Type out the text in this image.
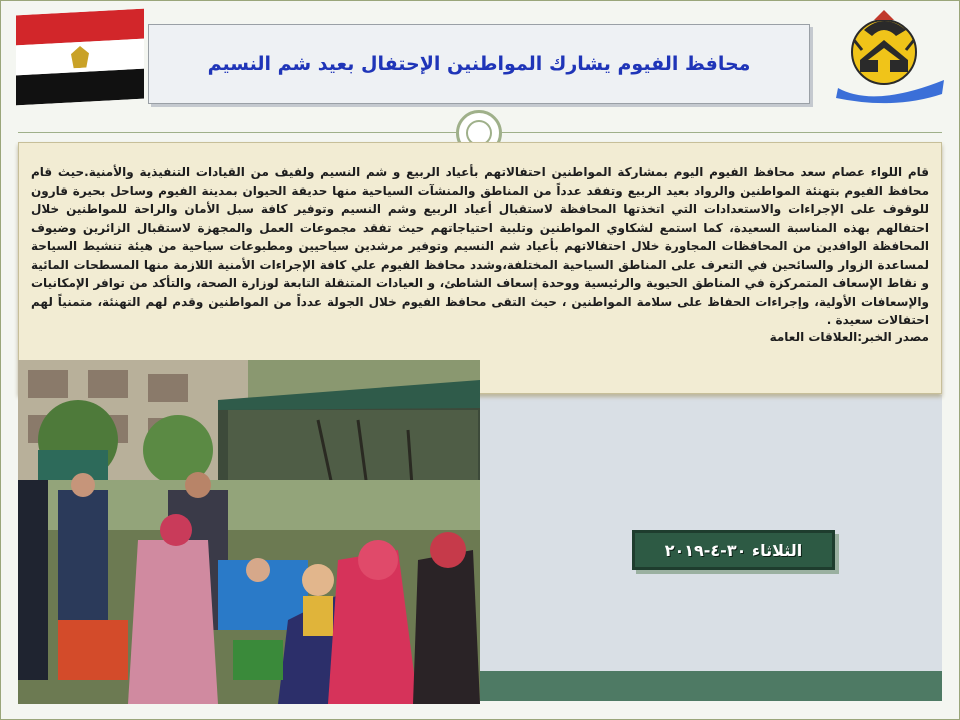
محافظ الفيوم يشارك المواطنين الإحتفال بعيد شم النسيم

قام اللواء عصام سعد محافظ الفيوم اليوم بمشاركة المواطنين احتفالاتهم بأعياد الربيع و شم النسيم ولفيف من القيادات التنفيذية والأمنية.حيث قام محافظ الفيوم بتهنئة المواطنين والرواد بعيد الربيع وتفقد عدداً من المناطق والمنشآت السياحية منها حديقة الحيوان بمدينة الفيوم وساحل بحيرة قارون للوقوف على الإجراءات والاستعدادات التي اتخذتها المحافظة لاستقبال أعياد الربيع وشم النسيم وتوفير كافة سبل الأمان والراحة للمواطنين خلال احتفالهم بهذه المناسبة السعيدة، كما استمع لشكاوي المواطنين وتلبية احتياجاتهم حيث تفقد مجموعات العمل والمجهزة لاستقبال الزائرين وضيوف المحافظة الوافدين من المحافظات المجاورة خلال احتفالاتهم بأعياد شم النسيم وتوفير مرشدين سياحيين ومطبوعات سياحية من هيئة تنشيط السياحة لمساعدة الزوار والسائحين في التعرف على المناطق السياحية المختلفة،وشدد محافظ الفيوم علي كافة الإجراءات الأمنية اللازمة منها المسطحات المائية و نقاط الإسعاف المتمركزة في المناطق الحيوية والرئيسية ووحدة إسعاف الشاطئ، و العيادات المتنقلة التابعة لوزارة الصحة، والتأكد من توافر الإمكانيات والإسعافات الأولية، وإجراءات الحفاظ على سلامة المواطنين ، حيث التقى محافظ الفيوم خلال الجولة عدداً من المواطنين وقدم لهم التهنئة، متمنياً لهم احتفالات سعيدة .

مصدر الخبر:العلاقات العامة

الثلاثاء ٣٠-٤-٢٠١٩
